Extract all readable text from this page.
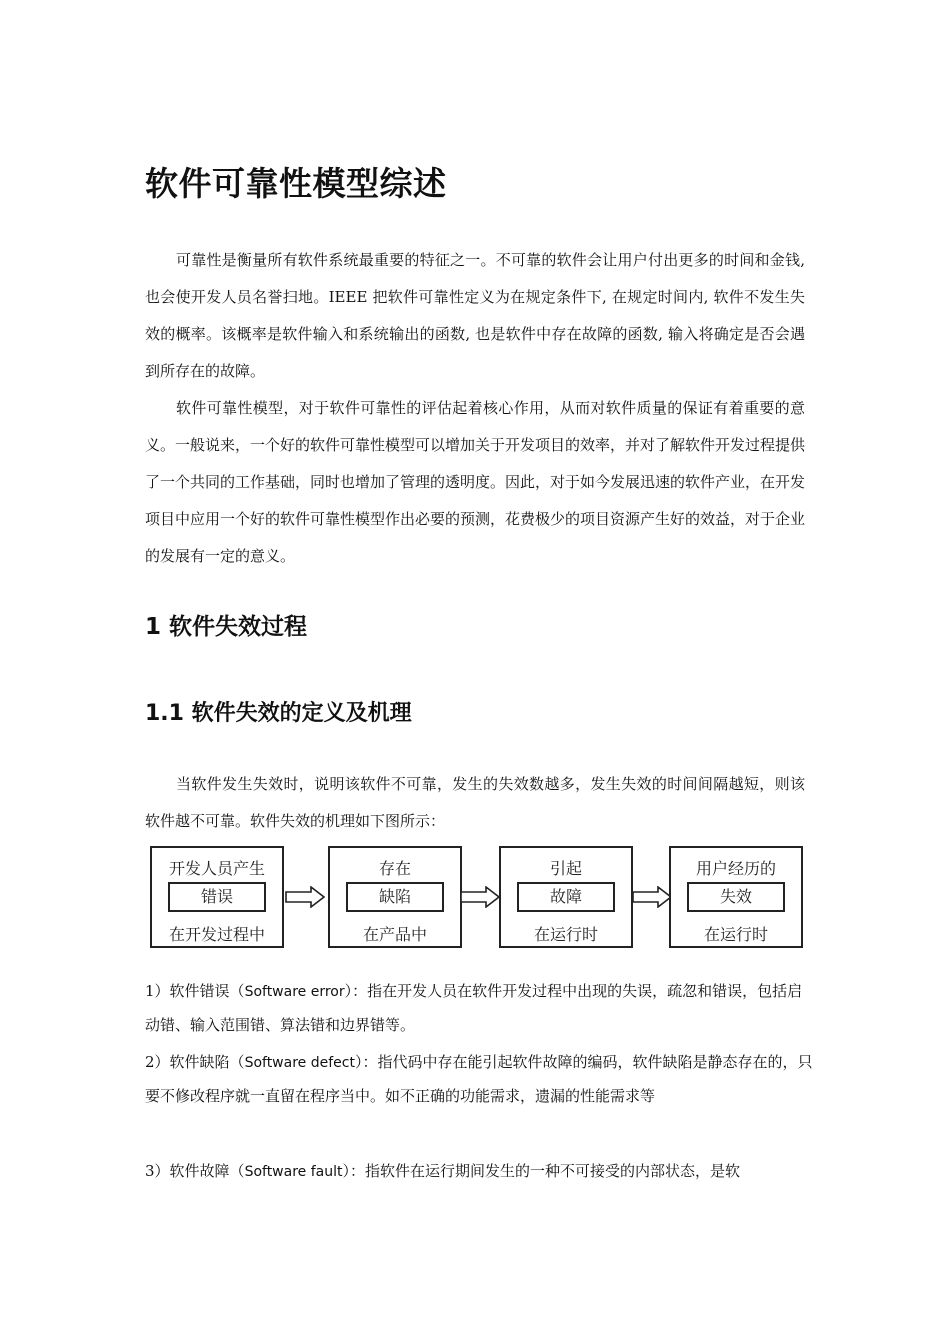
软件可靠性模型综述

可靠性是衡量所有软件系统最重要的特征之一。不可靠的软件会让用户付出更多的时间和金钱, 也会使开发人员名誉扫地。IEEE 把软件可靠性定义为在规定条件下, 在规定时间内, 软件不发生失效的概率。该概率是软件输入和系统输出的函数, 也是软件中存在故障的函数, 输入将确定是否会遇到所存在的故障。

软件可靠性模型，对于软件可靠性的评估起着核心作用，从而对软件质量的保证有着重要的意义。一般说来，一个好的软件可靠性模型可以增加关于开发项目的效率，并对了解软件开发过程提供了一个共同的工作基础，同时也增加了管理的透明度。因此，对于如今发展迅速的软件产业，在开发项目中应用一个好的软件可靠性模型作出必要的预测，花费极少的项目资源产生好的效益，对于企业的发展有一定的意义。

1 软件失效过程
1.1 软件失效的定义及机理

当软件发生失效时，说明该软件不可靠，发生的失效数越多，发生失效的时间间隔越短，则该软件越不可靠。软件失效的机理如下图所示：

开发人员产生
错误
在开发过程中
存在
缺陷
在产品中
引起
故障
在运行时
用户经历的
失效
在运行时

1）软件错误（Software error）：指在开发人员在软件开发过程中出现的失误，疏忽和错误，包括启动错、输入范围错、算法错和边界错等。

2）软件缺陷（Software defect）：指代码中存在能引起软件故障的编码，软件缺陷是静态存在的，只要不修改程序就一直留在程序当中。如不正确的功能需求，遗漏的性能需求等

3）软件故障（Software fault）：指软件在运行期间发生的一种不可接受的内部状态，是软
